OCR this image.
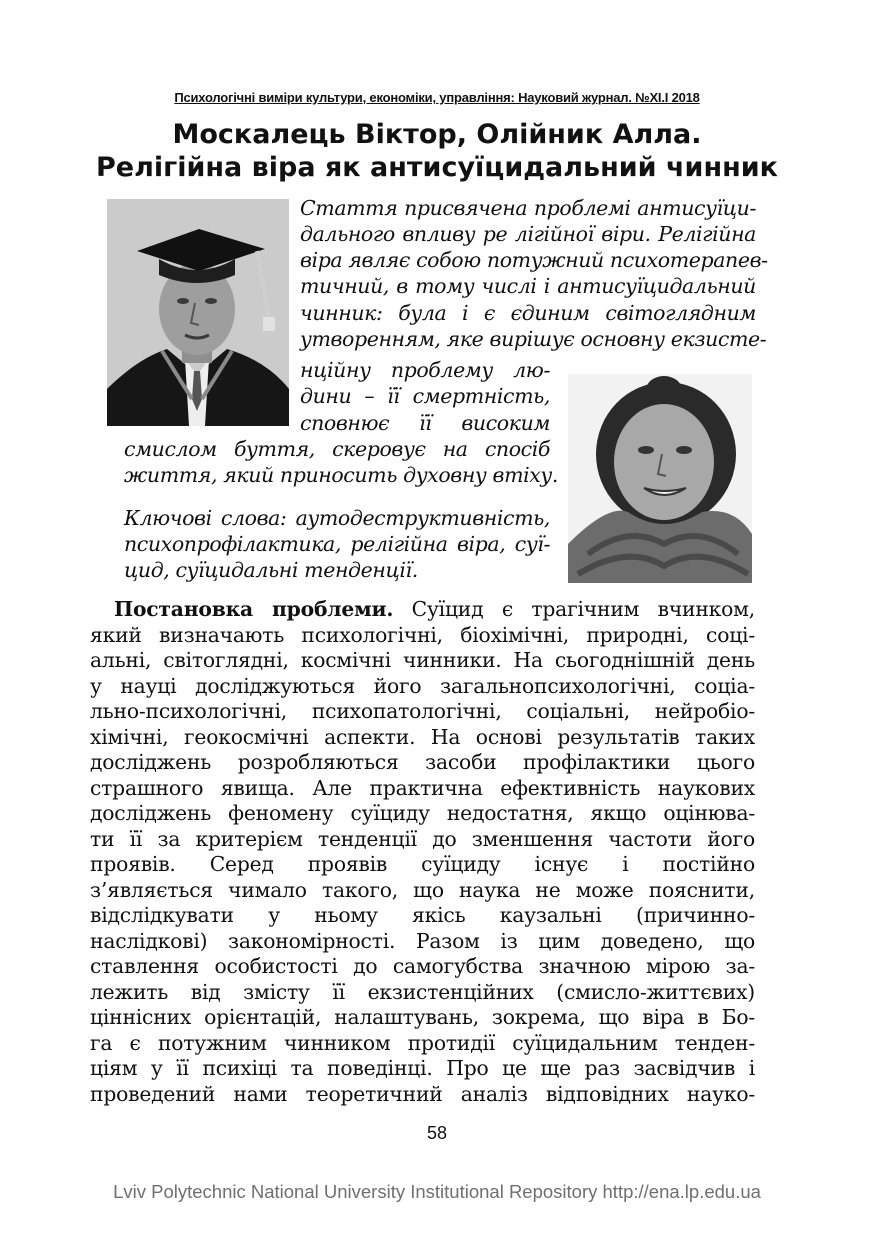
Психологічні виміри культури, економіки, управління: Науковий журнал. №XI.I 2018
Москалець Віктор, Олійник Алла.
Релігійна віра як антисуїцидальний чинник
Стаття присвячена проблемі антисуїци-
дального впливу ре лігійної віри. Релігійна
віра являє собою потужний психотерапев-
тичний, в тому числі і антисуїцидальний
чинник: була і є єдиним світоглядним
утворенням, яке вирішує основну екзисте-
нційну проблему лю-
дини – її смертність,
сповнює її високим
смислом буття, скеровує на спосіб
життя, який приносить духовну втіху.
Ключові слова: аутодеструктивність,
психопрофілактика, релігійна віра, суї-
цид, суїцидальні тенденції.
Постановка проблеми. Суїцид є трагічним вчинком,
який визначають психологічні, біохімічні, природні, соці-
альні, світоглядні, космічні чинники. На сьогоднішній день
у науці досліджуються його загальнопсихологічні, соціа-
льно-психологічні, психопатологічні, соціальні, нейробіо-
хімічні, геокосмічні аспекти. На основі результатів таких
досліджень розробляються засоби профілактики цього
страшного явища. Але практична ефективність наукових
досліджень феномену суїциду недостатня, якщо оцінюва-
ти її за критерієм тенденції до зменшення частоти його
проявів. Серед проявів суїциду існує і постійно
з’являється чимало такого, що наука не може пояснити,
відслідкувати у ньому якісь каузальні (причинно-
наслідкові) закономірності. Разом із цим доведено, що
ставлення особистості до самогубства значною мірою за-
лежить від змісту її екзистенційних (смисло-життєвих)
ціннісних орієнтацій, налаштувань, зокрема, що віра в Бо-
га є потужним чинником протидії суїцидальним тенден-
ціям у її психіці та поведінці. Про це ще раз засвідчив і
проведений нами теоретичний аналіз відповідних науко-
58
Lviv Polytechnic National University Institutional Repository http://ena.lp.edu.ua
